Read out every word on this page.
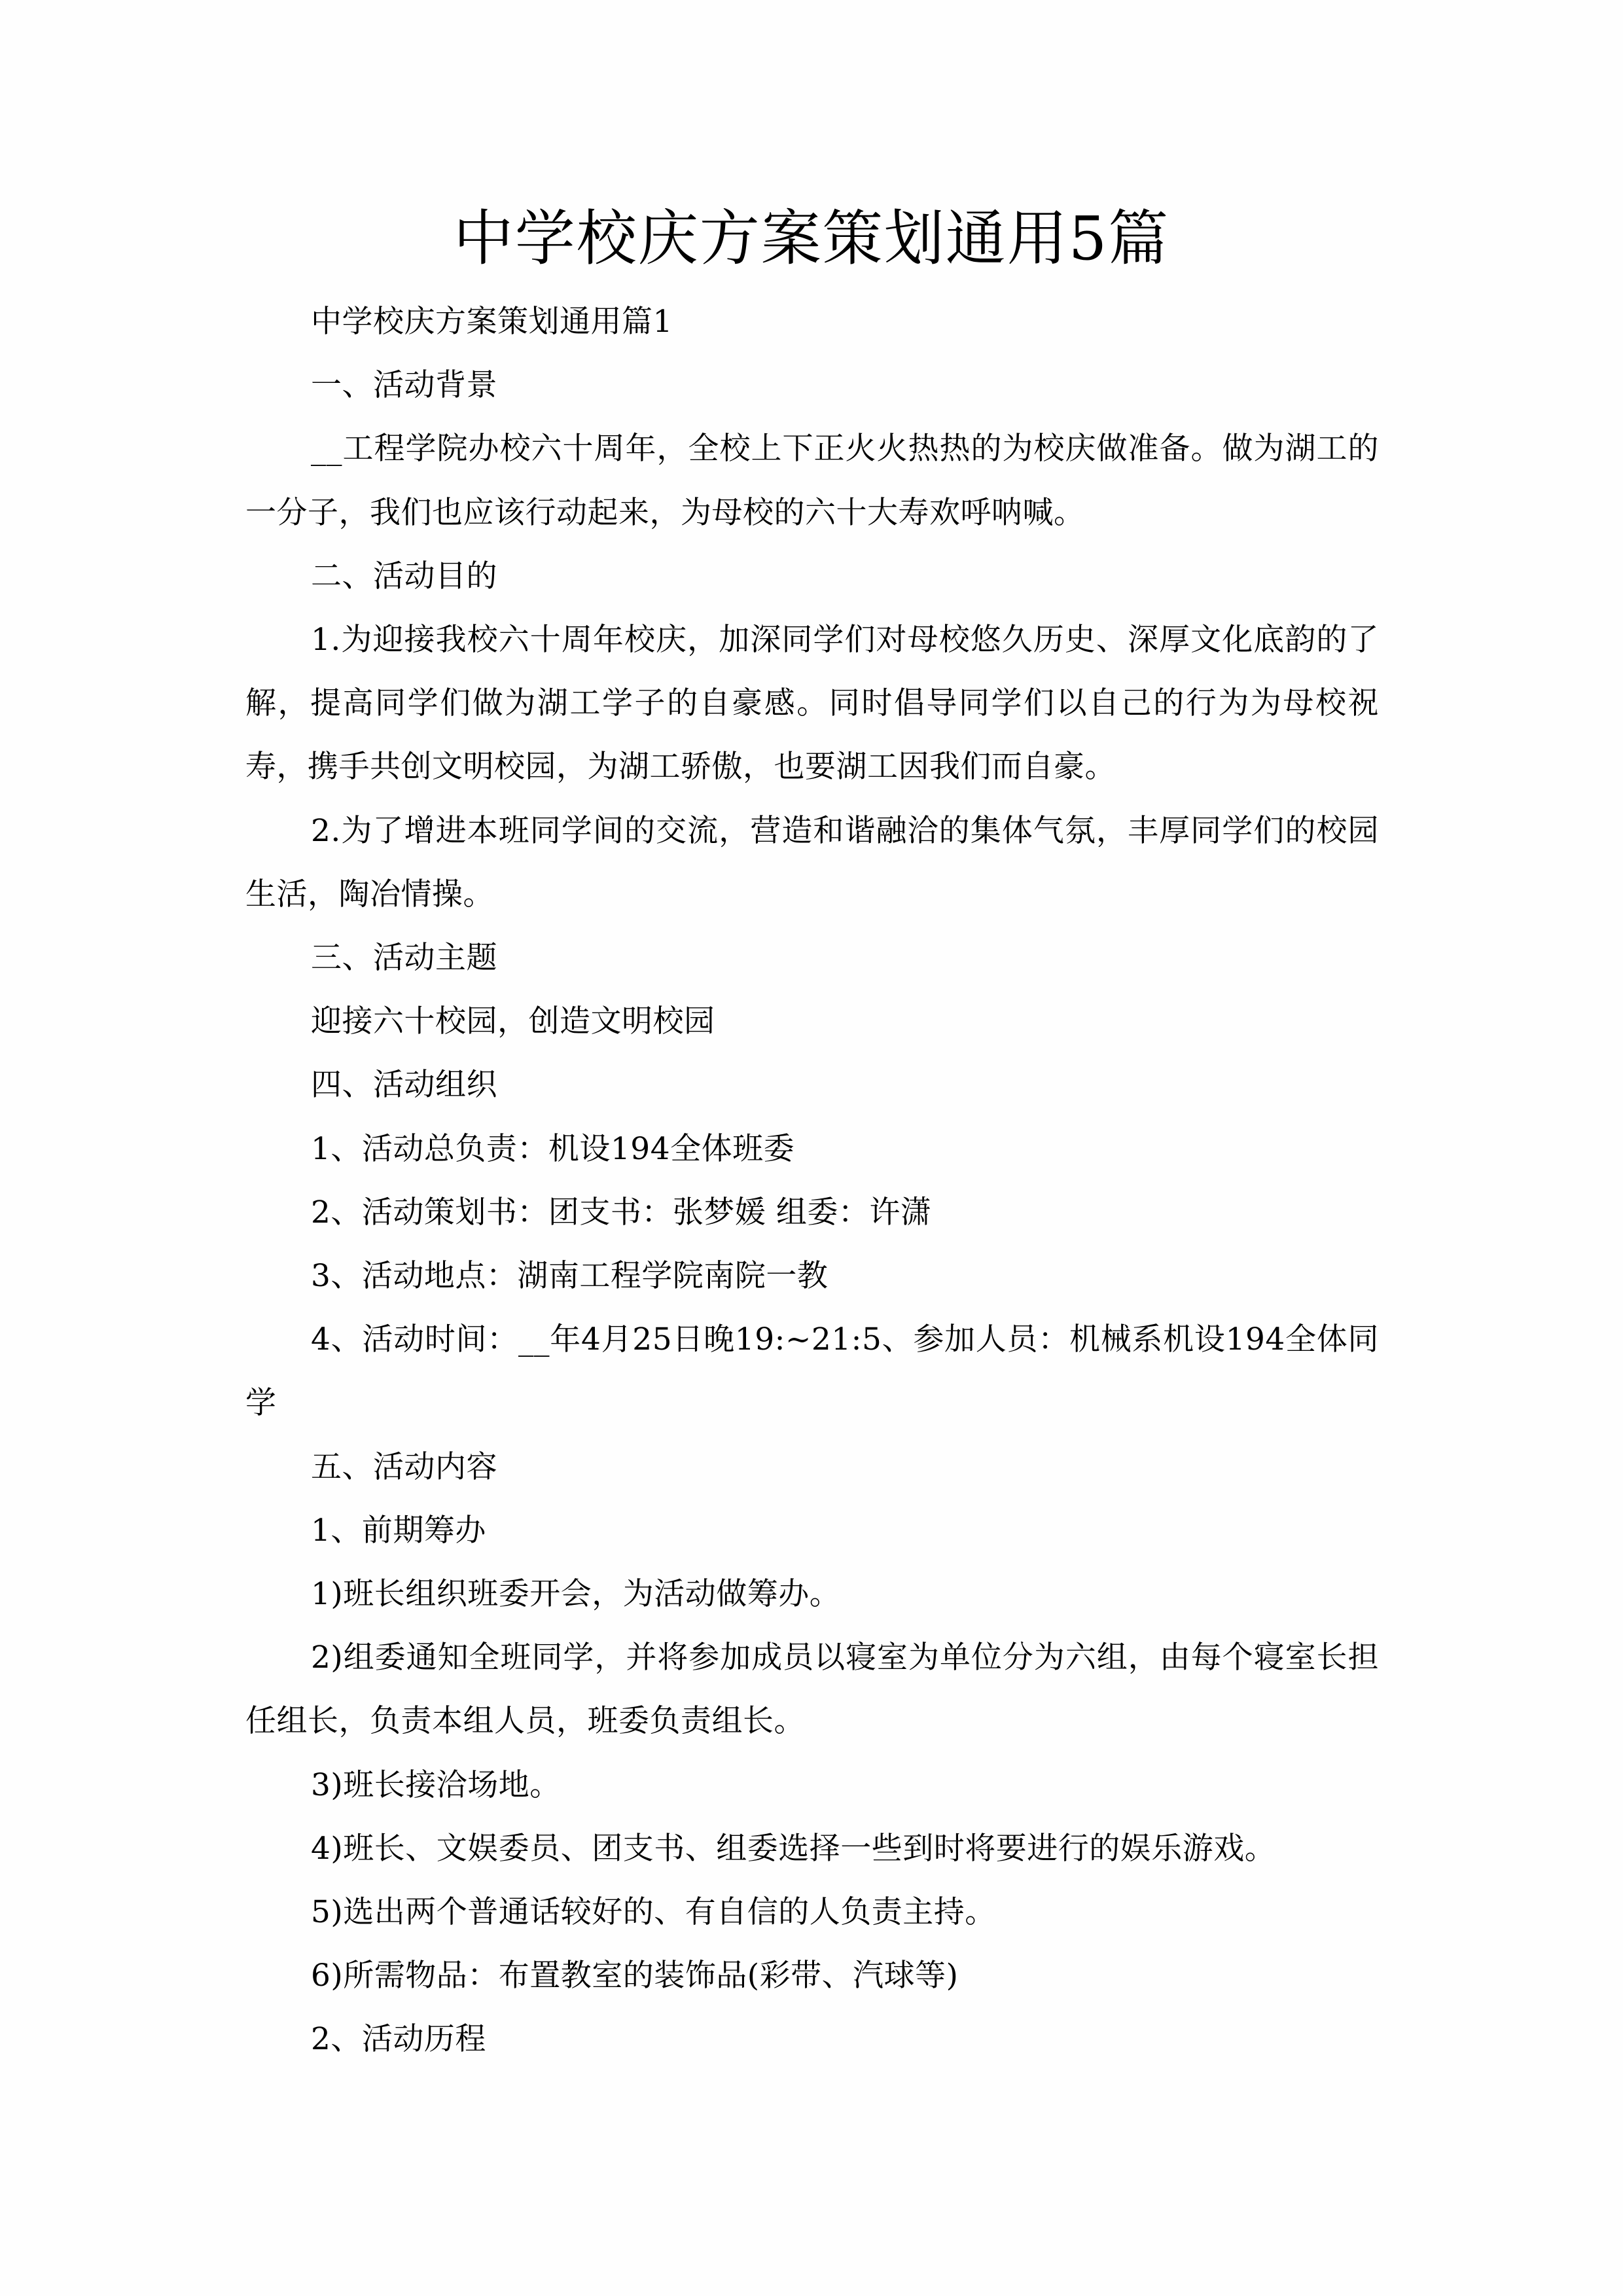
中学校庆方案策划通用5篇

中学校庆方案策划通用篇1

一、活动背景

__工程学院办校六十周年，全校上下正火火热热的为校庆做准备。做为湖工的一分子，我们也应该行动起来，为母校的六十大寿欢呼呐喊。

二、活动目的

1.为迎接我校六十周年校庆，加深同学们对母校悠久历史、深厚文化底韵的了解，提高同学们做为湖工学子的自豪感。同时倡导同学们以自己的行为为母校祝寿，携手共创文明校园，为湖工骄傲，也要湖工因我们而自豪。

2.为了增进本班同学间的交流，营造和谐融洽的集体气氛，丰厚同学们的校园生活，陶冶情操。

三、活动主题

迎接六十校园，创造文明校园

四、活动组织

1、活动总负责：机设194全体班委

2、活动策划书：团支书：张梦媛 组委：许潇

3、活动地点：湖南工程学院南院一教

4、活动时间：__年4月25日晚19:~21:5、参加人员：机械系机设194全体同学

五、活动内容

1、前期筹办

1)班长组织班委开会，为活动做筹办。

2)组委通知全班同学，并将参加成员以寝室为单位分为六组，由每个寝室长担任组长，负责本组人员，班委负责组长。

3)班长接洽场地。

4)班长、文娱委员、团支书、组委选择一些到时将要进行的娱乐游戏。

5)选出两个普通话较好的、有自信的人负责主持。

6)所需物品：布置教室的装饰品(彩带、汽球等)

2、活动历程
